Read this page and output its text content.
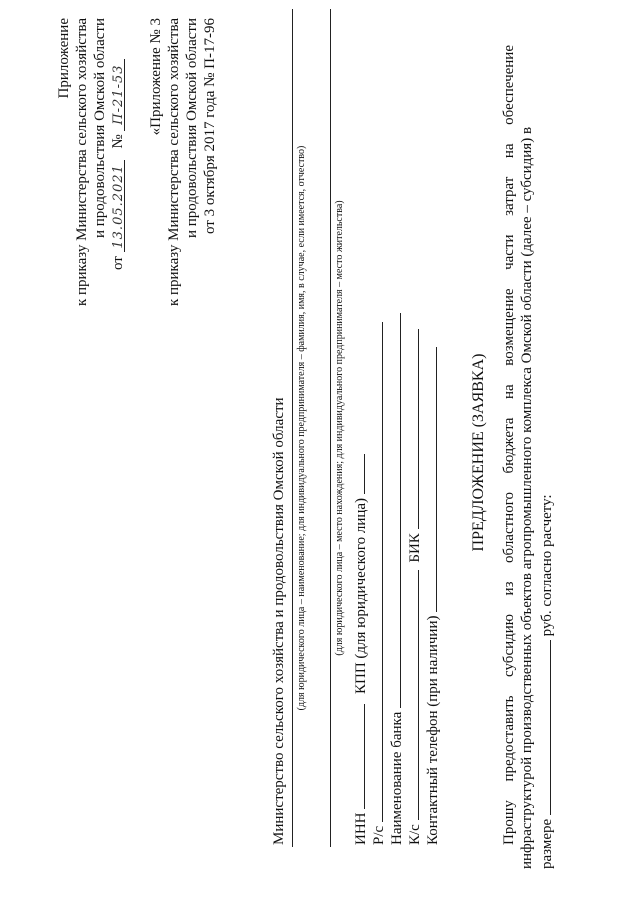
Приложение к приказу Министерства сельского хозяйства и продовольствия Омской области
от 13.05.2021 № П-21-53 «Приложение № 3 к приказу Министерства сельского хозяйства и продовольствия Омской области от 3 октября 2017 года № П-17-96
Министерство сельского хозяйства и продовольствия Омской области (для юридического лица – наименование; для индивидуального предпринимателя – фамилия, имя, в случае, если имеется, отчество)	(для юридического лица – место нахождения; для индивидуального предпринимателя – место жительства)
ИНН  КПП (для юридического лица)
Р/с Наименование банка К/с  БИК
Контактный телефон (при наличии)
ПРЕДЛОЖЕНИЕ (ЗАЯВКА) Прошу предоставить субсидию из областного бюджета на возмещение части затрат на обеспечение инфраструктурой производственных объектов агропромышленного комплекса Омской области (далее – субсидия) в размере  руб. согласно расчету:
